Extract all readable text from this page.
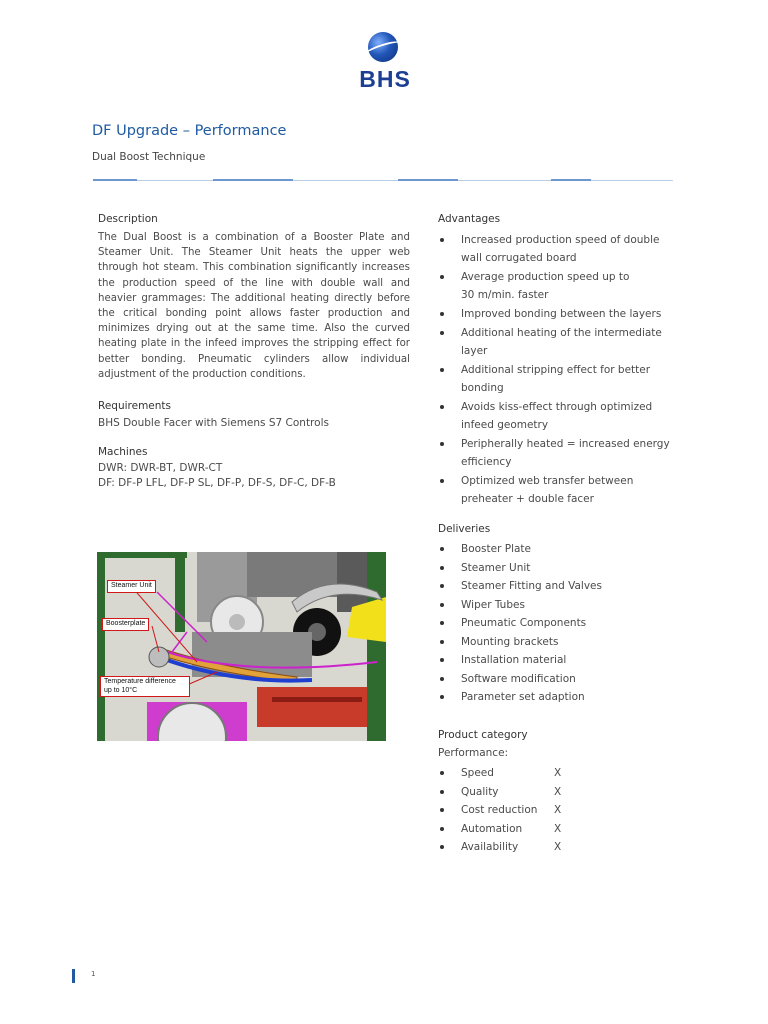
BHS
DF Upgrade – Performance
Dual Boost Technique
Description
The Dual Boost is a combination of a Booster Plate and Steamer Unit. The Steamer Unit heats the upper web through hot steam. This combination significantly increases the production speed of the line with double wall and heavier grammages: The additional heating directly before the critical bonding point allows faster production and minimizes drying out at the same time. Also the curved heating plate in the infeed improves the stripping effect for better bonding. Pneumatic cylinders allow individual adjustment of the production conditions.
Requirements
BHS Double Facer with Siemens S7 Controls
Machines
DWR: DWR-BT, DWR-CT
DF: DF-P LFL, DF-P SL, DF-P, DF-S, DF-C, DF-B
Steamer Unit
Boosterplate
Temperature difference
up to 10°C
Advantages
Increased production speed of double
wall corrugated board
Average production speed up to
30 m/min. faster
Improved bonding between the layers
Additional heating of the intermediate
layer
Additional stripping effect for better
bonding
Avoids kiss-effect through optimized
infeed geometry
Peripherally heated = increased energy
efficiency
Optimized web transfer between
preheater + double facer
Deliveries
Booster Plate
Steamer Unit
Steamer Fitting and Valves
Wiper Tubes
Pneumatic Components
Mounting brackets
Installation material
Software modification
Parameter set adaption
Product category
Performance:
Speed	X
Quality	X
Cost reduction X
Automation	X
Availability	X
1
